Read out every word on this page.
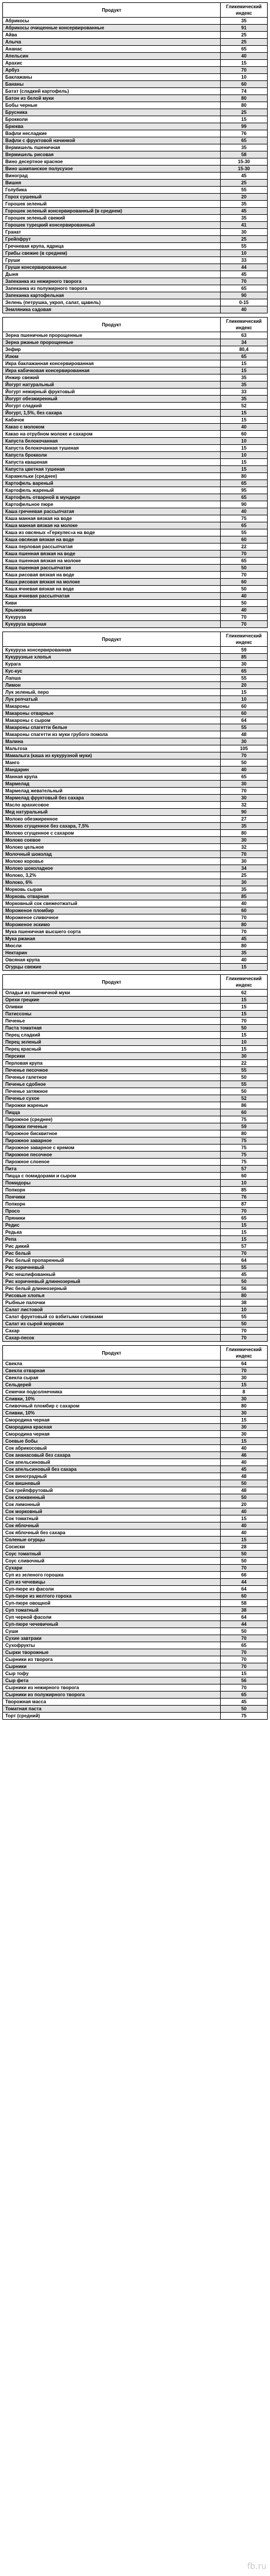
Продукт	Гликемический индекс
Абрикосы	35
Абрикосы очищенные консервированные	91
Айва	25
Алыча	25
Ананас	65
Апельсин	40
Арахис	15
Арбуз	70
Баклажаны	10
Бананы	60
Батат (сладкий картофель)	74
Батон из белой муки	80
Бобы черные	80
Брусника	25
Брокколи	15
Брюква	99
Вафли несладкие	76
Вафли с фруктовой начинкой	65
Вермишель пшеничная	35
Вермишель рисовая	58
Вино десертное красное	15-30
Вино шампанское полусухое	15-30
Виноград	45
Вишня	25
Голубика	55
Горох сушеный	20
Горошек зеленый	35
Горошек зеленый консервированный (в среднем)	45
Горошек зеленый свежий	35
Горошек турецкий консервированный	41
Гранат	30
Грейпфрут	25
Гречневая крупа, ядрица	55
Грибы свежие (в среднем)	10
Груши	33
Груши консервированные	44
Дыня	45
Запеканка из нежирного творога	70
Запеканка из полужирного творога	65
Запеканка картофельная	90
Зелень (петрушка, укроп, салат, щавель)	0-15
Земляника садовая	40
Продукт	Гликемический индекс
Зерна пшеничные пророщенные	63
Зерна ржаные пророщенные	34
Зефир	80,4
Изюм	65
Икра баклажанная консервированная	15
Икра кабачковая консервированная	15
Инжир свежий	35
Йогурт натуральный	35
Йогурт нежирный фруктовый	33
Йогурт обезжиренный	35
Йогурт сладкий	52
Йогурт, 1,5%, без сахара	15
Кабачок	15
Какао с молоком	40
Какао на отрубном молоке и сахаром	60
Капуста белокочанная	10
Капуста белокочанная тушеная	15
Капуста брокколи	10
Капуста квашеная	15
Капуста цветная тушеная	15
Карамельки (среднее)	80
Картофель вареный	65
Картофель жареный	95
Картофель отварной в мундире	65
Картофельное пюре	90
Каша гречневая рассыпчатая	40
Каша манная вязкая на воде	75
Каша манная вязкая на молоке	65
Каша из овсяных «Геркулес»а на воде	55
Каша овсяная вязкая на воде	60
Каша перловая рассыпчатая	22
Каша пшенная вязкая на воде	70
Каша пшенная вязкая на молоке	65
Каша пшенная рассыпчатая	50
Каша рисовая вязкая на воде	70
Каша рисовая вязкая на молоке	60
Каша ячневая вязкая на воде	50
Каша ячневая рассыпчатая	40
Киви	50
Крыжовник	40
Кукуруза	70
Кукуруза вареная	70
Продукт	Гликемический индекс
Кукуруза консервированная	59
Кукурузные хлопья	85
Курага	30
Кус-кус	65
Лапша	55
Лимон	20
Лук зеленый, перо	15
Лук репчатый	10
Макароны	60
Макароны отварные	60
Макароны с сыром	64
Макароны спагетти белые	55
Макароны спагетти из муки грубого помола	48
Малина	30
Мальтоза	105
Мамалыга (каша из кукурузной муки)	70
Манго	50
Мандарин	40
Манная крупа	65
Мармелад	30
Мармелад жевательный	70
Мармелад фруктовый без сахара	30
Масло арахисовое	32
Мед натуральный	90
Молоко обезжиренное	27
Молоко сгущенное без сахара, 7,5%	35
Молоко сгущенное с сахаром	80
Молоко соевое	30
Молоко цельное	32
Молочный шоколад	70
Молоко коровье	30
Молоко шоколадное	34
Молоко, 3,2%	25
Молоко, 6%	30
Морковь сырая	35
Морковь отварная	85
Морковный сок свежеотжатый	40
Мороженое пломбир	60
Мороженое сливочное	70
Мороженое эскимо	80
Мука пшеничная высшего сорта	70
Мука ржаная	45
Мюсли	80
Нектарин	35
Овсяная крупа	40
Огурцы свежие	15
Продукт	Гликемический индекс
Оладьи из пшеничной муки	62
Орехи грецкие	15
Оливки	15
Патиссоны	15
Печенье	70
Паста томатная	50
Перец сладкий	15
Перец зеленый	10
Перец красный	15
Персики	30
Перловая крупа	22
Печенье песочное	55
Печенье галетное	50
Печенье сдобное	55
Печенье затяжное	50
Печенье сухое	52
Пирожки жареные	86
Пицца	60
Пирожное (среднее)	75
Пирожки печеные	59
Пирожное бисквитное	80
Пирожное заварное	75
Пирожное заварное с кремом	75
Пирожное песочное	75
Пирожное слоеное	75
Пита	57
Пицца с помидорами и сыром	60
Помидоры	10
Попкорн	85
Пончики	76
Попкорн	87
Просо	70
Пряники	65
Редис	15
Редька	15
Репа	15
Рис дикий	57
Рис белый	70
Рис белый пропаренный	64
Рис коричневый	55
Рис нешлифованный	45
Рис коричневый длиннозерный	50
Рис белый длиннозерный	56
Рисовые хлопья	80
Рыбные палочки	38
Салат листовой	10
Салат фруктовый со взбитыми сливками	55
Салат из сырой моркови	50
Сахар	70
Сахар-песок	70
Продукт	Гликемический индекс
Свекла	64
Свекла отварная	70
Свекла сырая	30
Сельдерей	15
Семечки подсолнечника	8
Сливки, 10%	30
Сливочный пломбир с сахаром	80
Сливки, 10%	30
Смородина черная	15
Смородина красная	30
Смородина черная	30
Соевые бобы	15
Сок абрикосовый	40
Сок ананасовый без сахара	46
Сок апельсиновый	40
Сок апельсиновый без сахара	45
Сок виноградный	48
Сок вишневый	50
Сок грейпфрутовый	48
Сок клюквенный	50
Сок лимонный	20
Сок морковный	40
Сок томатный	15
Сок яблочный	40
Сок яблочный без сахара	40
Соленые огурцы	15
Сосиски	28
Соус томатный	50
Соус сливочный	50
Сухари	70
Суп из зеленого горошка	66
Суп из чечевицы	44
Суп-пюре из фасоли	64
Суп-пюре из желтого гороха	60
Суп-пюре овощной	58
Суп томатный	38
Суп черной фасоли	64
Суп-пюре чечевичный	44
Суши	50
Сухие завтраки	70
Сухофрукты	65
Сырки творожные	70
Сырники из творога	70
Сырники	70
Сыр тофу	15
Сыр фета	56
Сырники из нежирного творога	70
Сырники из полужирного творога	65
Творожная масса	45
Томатная паста	50
Торт (средний)	75
fb.ru
